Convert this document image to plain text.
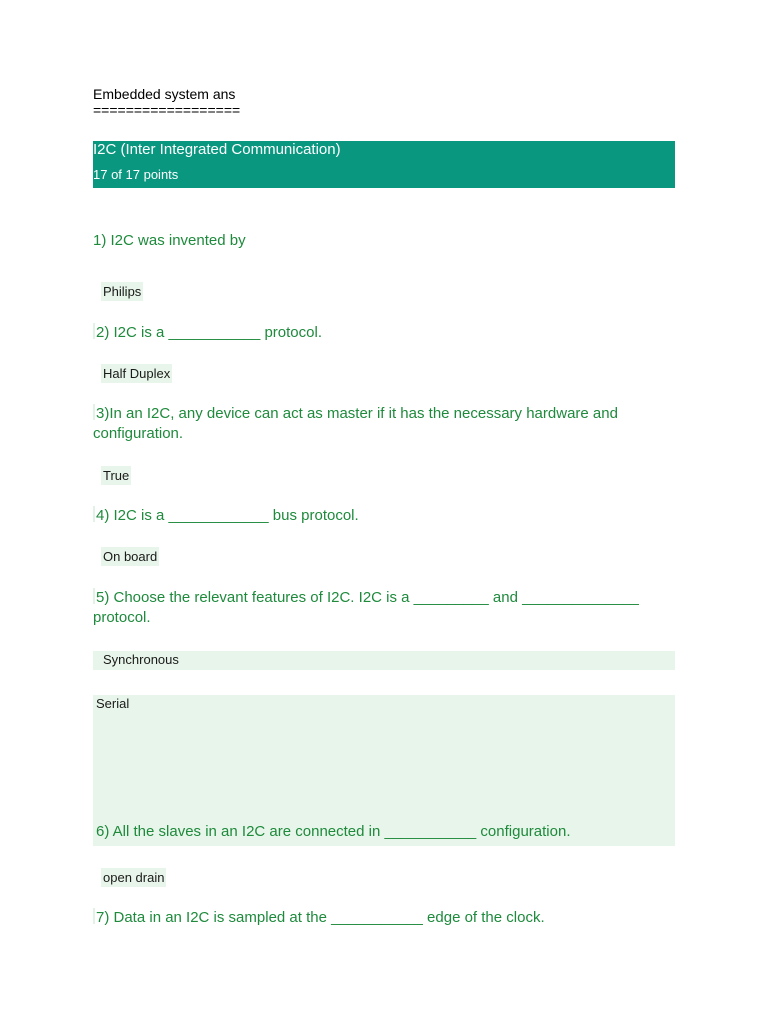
Embedded system ans
==================
I2C (Inter Integrated Communication)
17 of 17 points
1) I2C was invented by
Philips
2) I2C is a ___________ protocol.
Half Duplex
3)In an I2C, any device can act as master if it has the necessary hardware and configuration.
True
4) I2C is a ____________ bus protocol.
On board
5) Choose the relevant features of I2C. I2C is a _________ and ______________ protocol.
Synchronous
Serial
6) All the slaves in an I2C are connected in ___________ configuration.
open drain
7) Data in an I2C is sampled at the ___________ edge of the clock.
